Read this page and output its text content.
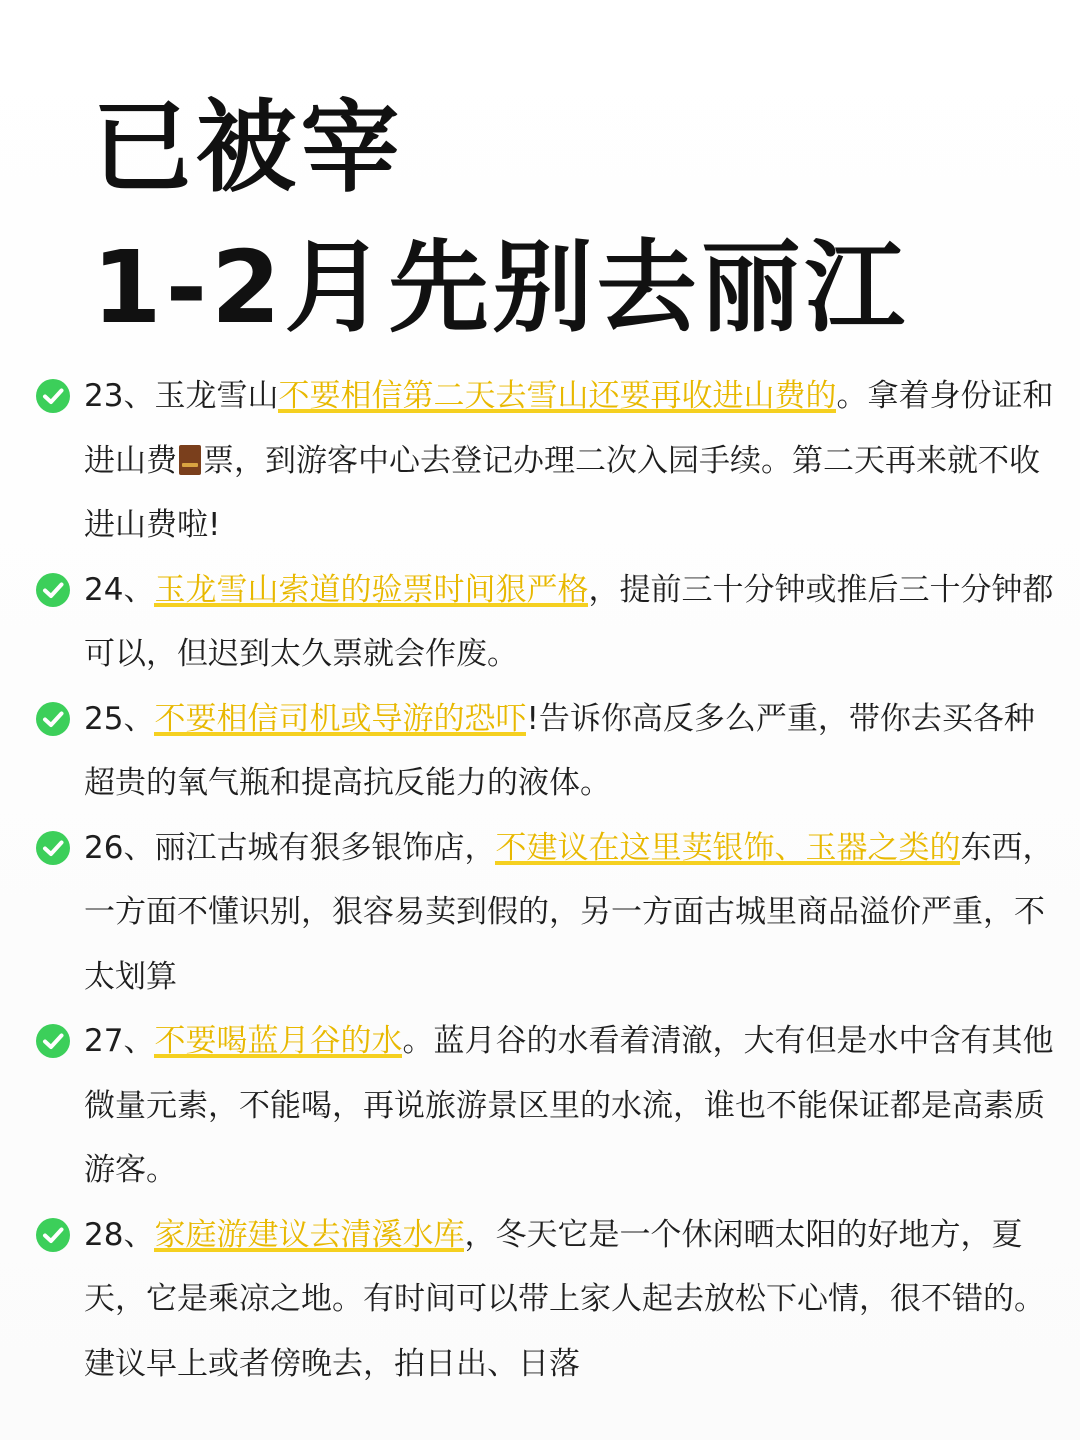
已被宰
1-2月先别去丽江

23、玉龙雪山不要相信第二天去雪山还要再收进山费的。拿着身份证和进山费 票，到游客中心去登记办理二次入园手续。第二天再来就不收进山费啦!

24、玉龙雪山索道的验票时间狠严格，提前三十分钟或推后三十分钟都可以，但迟到太久票就会作废。

25、不要相信司机或导游的恐吓!告诉你高反多么严重，带你去买各种超贵的氧气瓶和提高抗反能力的液体。

26、丽江古城有狠多银饰店，不建议在这里荬银饰、玉器之类的东西，一方面不懂识别，狠容易荬到假的，另一方面古城里商品溢价严重，不太划算

27、不要喝蓝月谷的水。蓝月谷的水看着清澈，大有但是水中含有其他微量元素，不能喝，再说旅游景区里的水流，谁也不能保证都是高素质游客。

28、家庭游建议去清溪水库，冬天它是一个休闲晒太阳的好地方，夏天，它是乘凉之地。有时间可以带上家人起去放松下心情，很不错的。建议早上或者傍晚去，拍日出、日落
